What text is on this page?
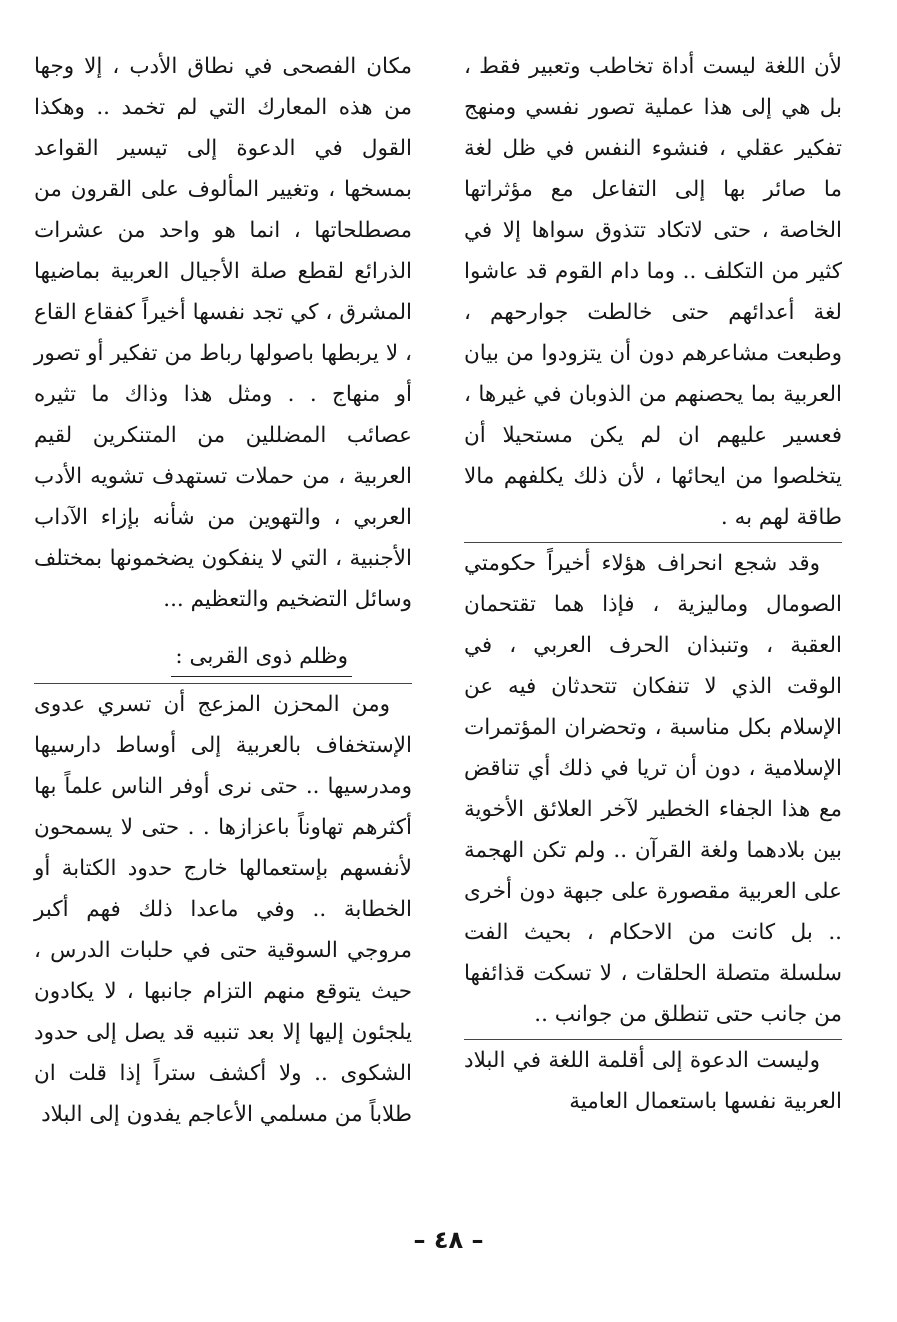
لأن اللغة ليست أداة تخاطب وتعبير فقط ، بل هي إلى هذا عملية تصور نفسي ومنهج تفكير عقلي ، فنشوء النفس في ظل لغة ما صائر بها إلى التفاعل مع مؤثراتها الخاصة ، حتى لاتكاد تتذوق سواها إلا في كثير من التكلف .. وما دام القوم قد عاشوا لغة أعدائهم حتى خالطت جوارحهم ، وطبعت مشاعرهم دون أن يتزودوا من بيان العربية بما يحصنهم من الذوبان في غيرها ، فعسير عليهم ان لم يكن مستحيلا أن يتخلصوا من ايحائها ، لأن ذلك يكلفهم مالا طاقة لهم به .

وقد شجع انحراف هؤلاء أخيراً حكومتي الصومال وماليزية ، فإذا هما تقتحمان العقبة ، وتنبذان الحرف العربي ، في الوقت الذي لا تنفكان تتحدثان فيه عن الإسلام بكل مناسبة ، وتحضران المؤتمرات الإسلامية ، دون أن تريا في ذلك أي تناقض مع هذا الجفاء الخطير لآخر العلائق الأخوية بين بلادهما ولغة القرآن .. ولم تكن الهجمة على العربية مقصورة على جبهة دون أخرى .. بل كانت من الاحكام ، بحيث الفت سلسلة متصلة الحلقات ، لا تسكت قذائفها من جانب حتى تنطلق من جوانب ..

وليست الدعوة إلى أقلمة اللغة في البلاد العربية نفسها باستعمال العامية

مكان الفصحى في نطاق الأدب ، إلا وجها من هذه المعارك التي لم تخمد .. وهكذا القول في الدعوة إلى تيسير القواعد بمسخها ، وتغيير المألوف على القرون من مصطلحاتها ، انما هو واحد من عشرات الذرائع لقطع صلة الأجيال العربية بماضيها المشرق ، كي تجد نفسها أخيراً كفقاع القاع ، لا يربطها باصولها رباط من تفكير أو تصور أو منهاج . . ومثل هذا وذاك ما تثيره عصائب المضللين من المتنكرين لقيم العربية ، من حملات تستهدف تشويه الأدب العربي ، والتهوين من شأنه بإزاء الآداب الأجنبية ، التي لا ينفكون يضخمونها بمختلف وسائل التضخيم والتعظيم ...

وظلم ذوى القربى :

ومن المحزن المزعج أن تسري عدوى الإستخفاف بالعربية إلى أوساط دارسيها ومدرسيها .. حتى نرى أوفر الناس علماً بها أكثرهم تهاوناً باعزازها . . حتى لا يسمحون لأنفسهم بإستعمالها خارج حدود الكتابة أو الخطابة .. وفي ماعدا ذلك فهم أكبر مروجي السوقية حتى في حلبات الدرس ، حيث يتوقع منهم التزام جانبها ، لا يكادون يلجئون إليها إلا بعد تنبيه قد يصل إلى حدود الشكوى .. ولا أكشف ستراً إذا قلت ان طلاباً من مسلمي الأعاجم يفدون إلى البلاد

– ٤٨ –
